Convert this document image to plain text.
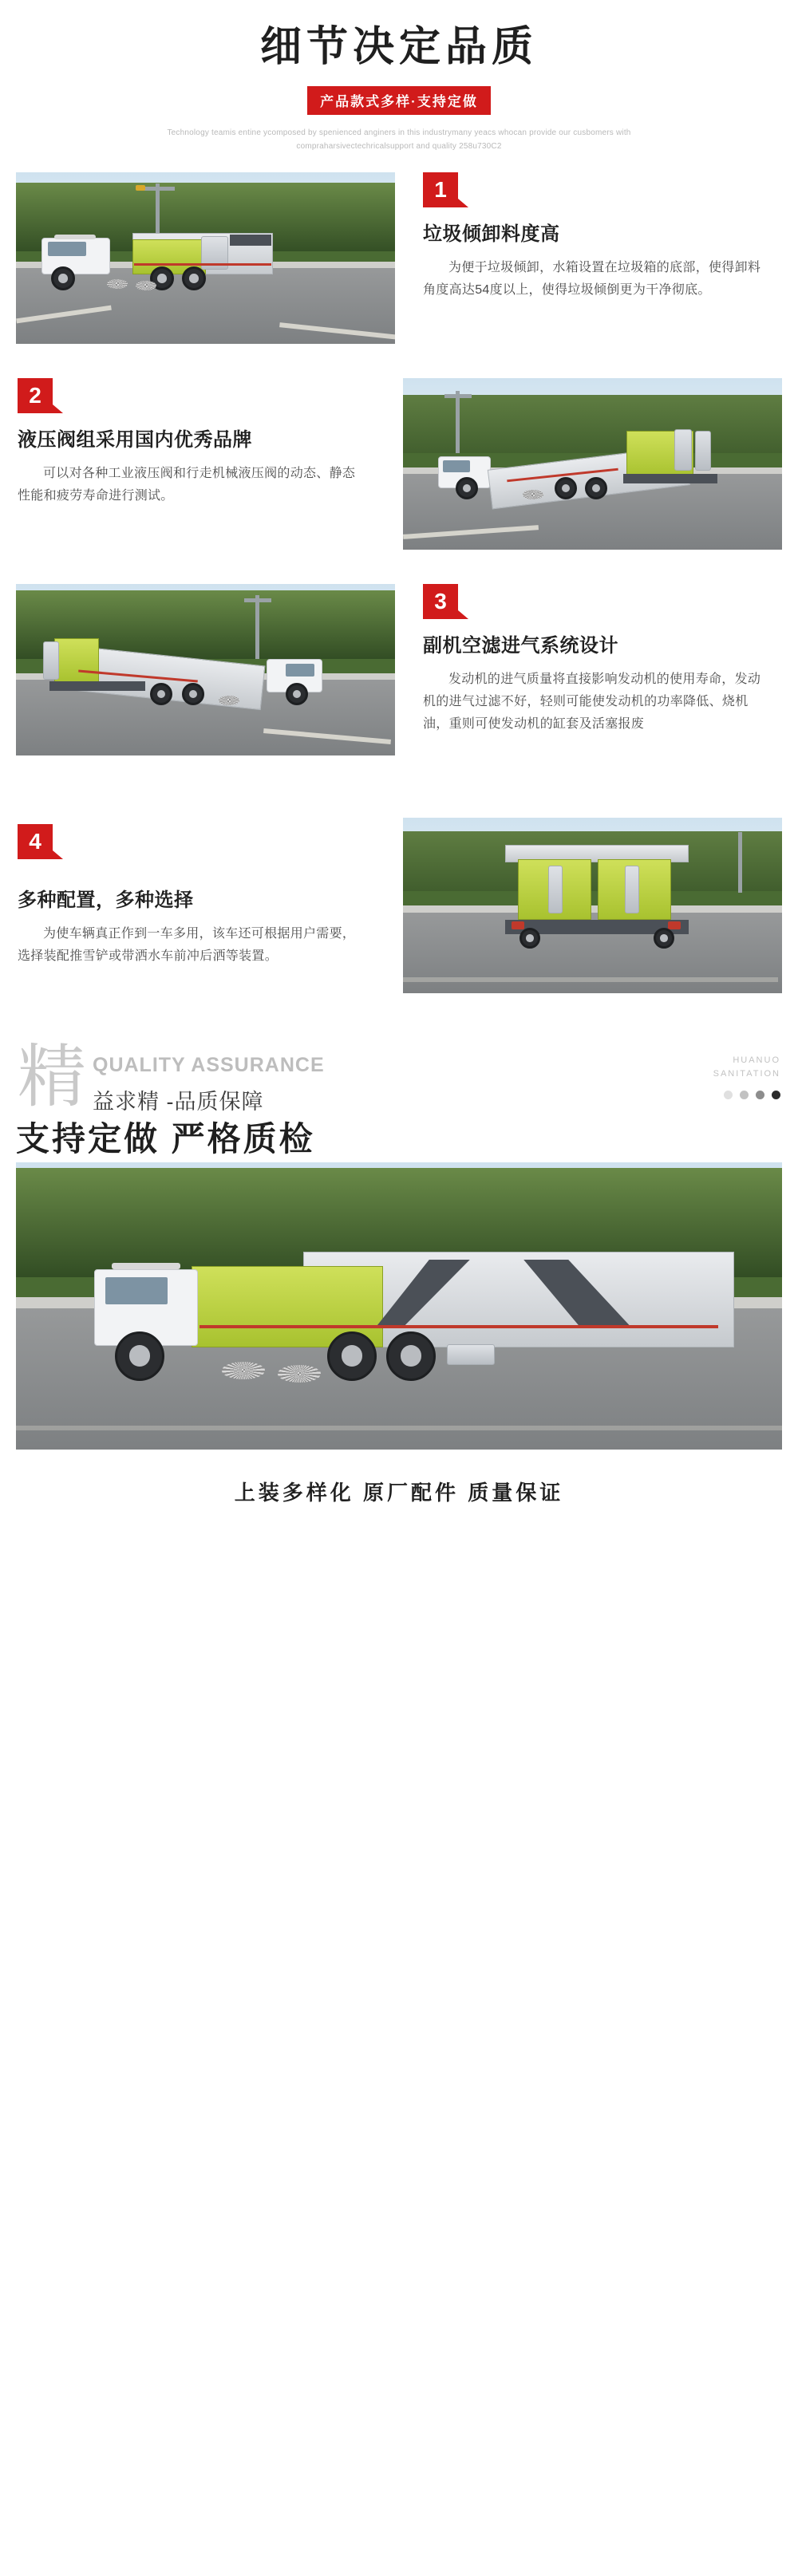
细节决定品质
产品款式多样·支持定做
Technology teamis entine ycomposed by spenienced anginers in this industrymany yeacs whocan provide our cusbomers with compraharsivectechricalsupport and quality 258u730C2
1
垃圾倾卸料度高
为便于垃圾倾卸，水箱设置在垃圾箱的底部，使得卸料角度高达54度以上，使得垃圾倾倒更为干净彻底。
2
液压阀组采用国内优秀品牌
可以对各种工业液压阀和行走机械液压阀的动态、静态性能和疲劳寿命进行测试。
3
副机空滤进气系统设计
发动机的进气质量将直接影响发动机的使用寿命，发动机的进气过滤不好，轻则可能使发动机的功率降低、烧机油，重则可使发动机的缸套及活塞报废
4
多种配置，多种选择
为使车辆真正作到一车多用，该车还可根据用户需要，选择装配推雪铲或带洒水车前冲后洒等装置。
精 QUALITY ASSURANCE
益求精 -品质保障
HUANUO
SANITATION
支持定做 严格质检
上装多样化 原厂配件 质量保证
